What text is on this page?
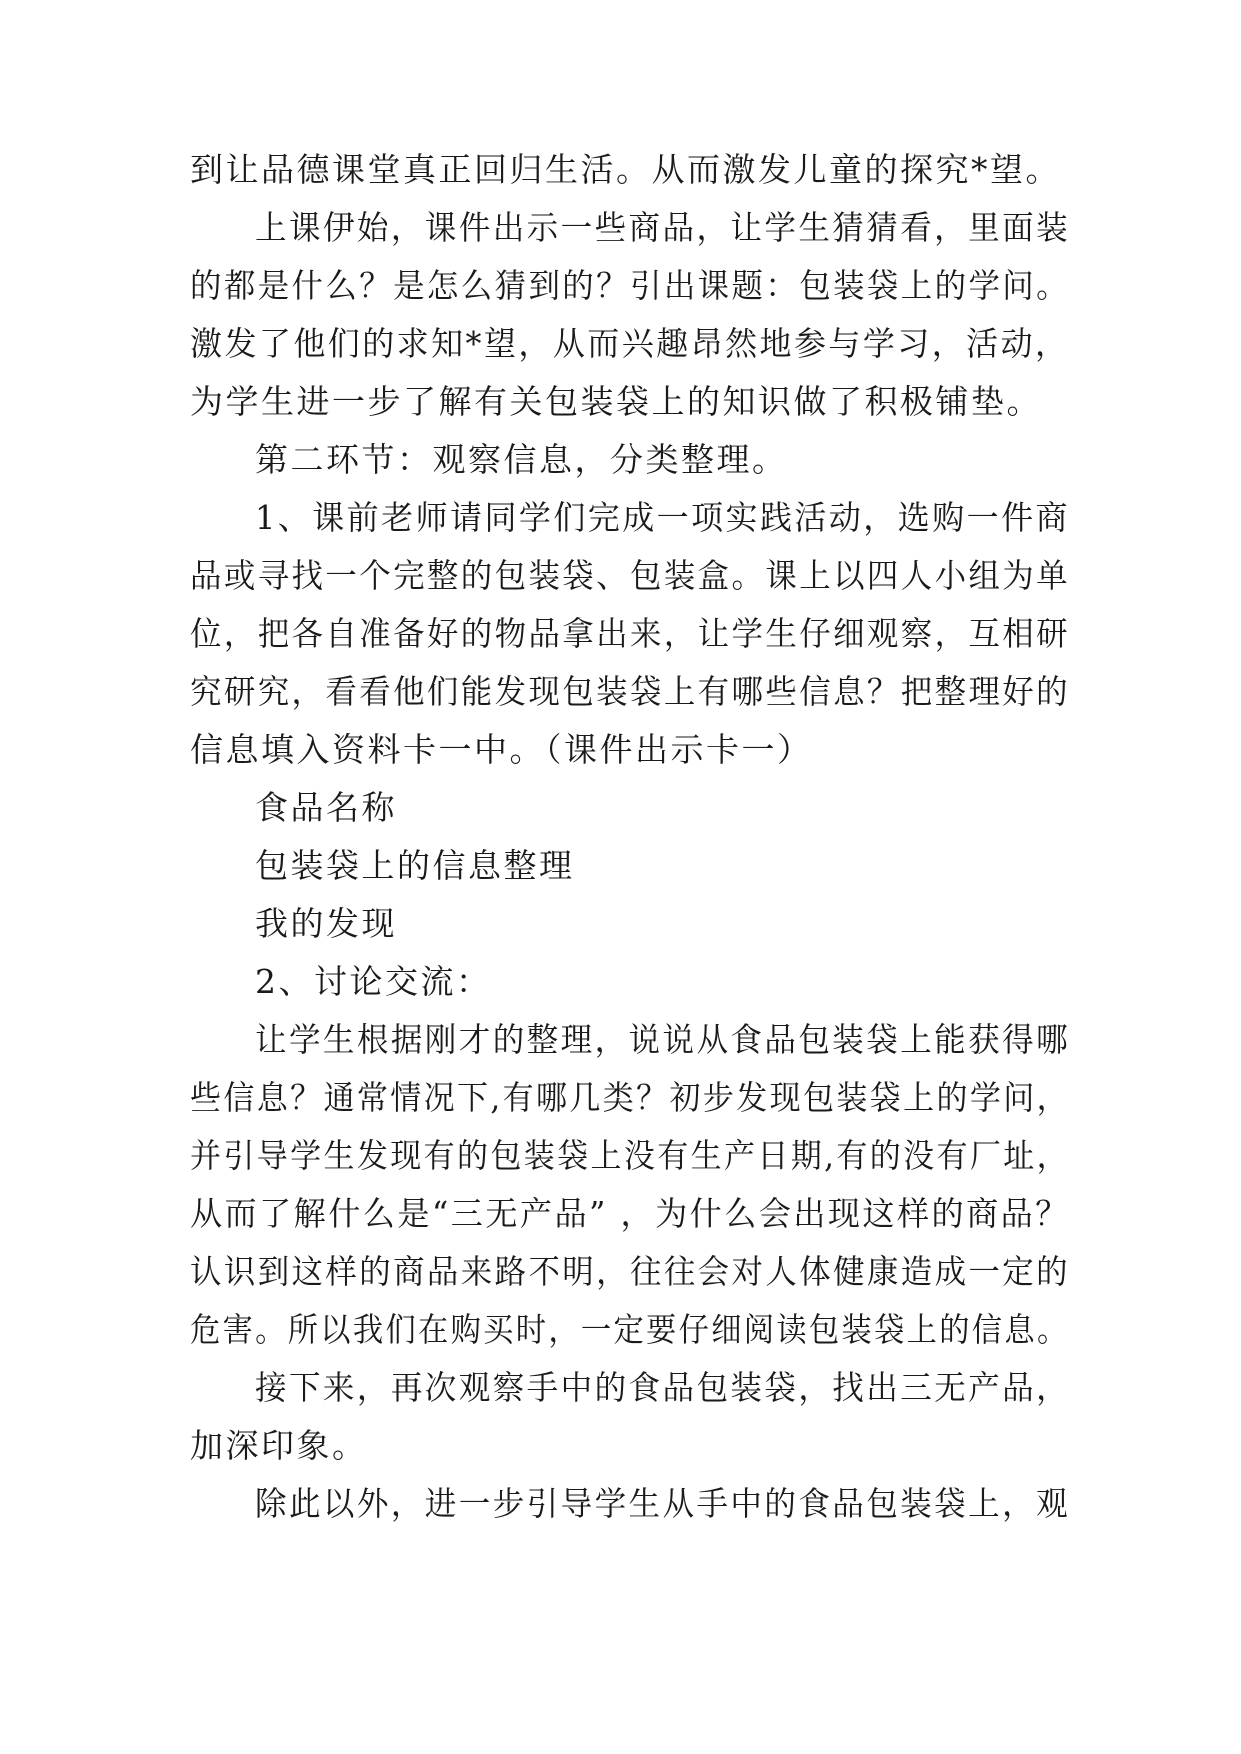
到让品德课堂真正回归生活。从而激发儿童的探究*望。
上课伊始，课件出示一些商品，让学生猜猜看，里面装
的都是什么？是怎么猜到的？引出课题：包装袋上的学问。
激发了他们的求知*望，从而兴趣昂然地参与学习，活动，
为学生进一步了解有关包装袋上的知识做了积极铺垫。
第二环节：观察信息，分类整理。
1、课前老师请同学们完成一项实践活动，选购一件商
品或寻找一个完整的包装袋、包装盒。课上以四人小组为单
位，把各自准备好的物品拿出来，让学生仔细观察，互相研
究研究，看看他们能发现包装袋上有哪些信息？把整理好的
信息填入资料卡一中。（课件出示卡一）
食品名称
包装袋上的信息整理
我的发现
2、讨论交流：
让学生根据刚才的整理，说说从食品包装袋上能获得哪
些信息？通常情况下,有哪几类？初步发现包装袋上的学问，
并引导学生发现有的包装袋上没有生产日期,有的没有厂址，
从而了解什么是“三无产品” ，为什么会出现这样的商品？
认识到这样的商品来路不明，往往会对人体健康造成一定的
危害。所以我们在购买时，一定要仔细阅读包装袋上的信息。
接下来，再次观察手中的食品包装袋，找出三无产品，
加深印象。
除此以外，进一步引导学生从手中的食品包装袋上，观
